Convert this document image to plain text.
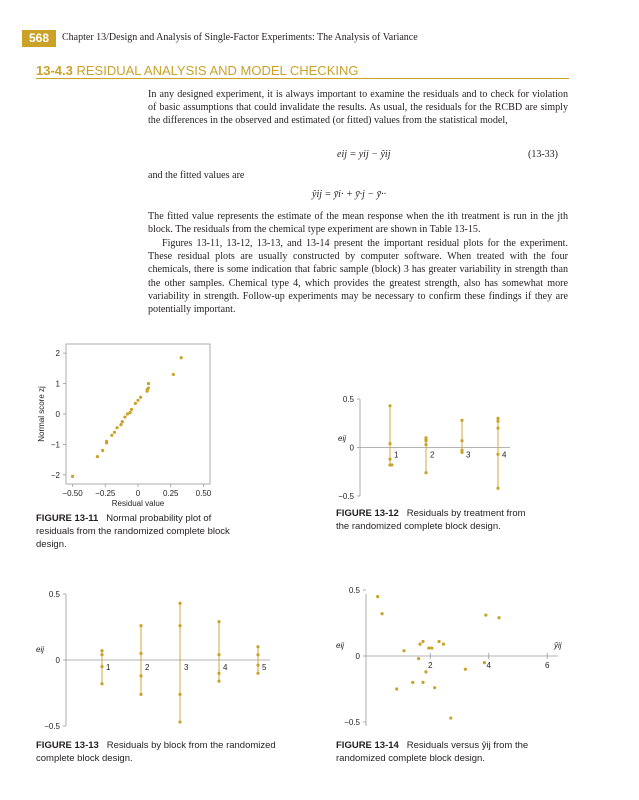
568	Chapter 13/Design and Analysis of Single-Factor Experiments: The Analysis of Variance
13-4.3 RESIDUAL ANALYSIS AND MODEL CHECKING
In any designed experiment, it is always important to examine the residuals and to check for violation of basic assumptions that could invalidate the results. As usual, the residuals for the RCBD are simply the differences in the observed and estimated (or fitted) values from the statistical model,
eij = yij − ŷij	(13-33)
and the fitted values are
ŷij = ȳi· + ȳ·j − ȳ··
The fitted value represents the estimate of the mean response when the ith treatment is run in the jth block. The residuals from the chemical type experiment are shown in Table 13-15.
Figures 13-11, 13-12, 13-13, and 13-14 present the important residual plots for the experiment. These residual plots are usually constructed by computer software. When treated with the four chemicals, there is some indication that fabric sample (block) 3 has greater variability in strength than the other samples. Chemical type 4, which provides the greatest strength, also has somewhat more variability in strength. Follow-up experiments may be necessary to confirm these findings if they are potentially important.
2
1
0
−1
−2
−0.50 −0.25	0	0.25 0.50
Normal score zj
Residual value
FIGURE 13-11 Normal probability plot of residuals from the randomized complete block design.
0.5
0
−0.5
1	2	3	4
eij
FIGURE 13-12 Residuals by treatment from the randomized complete block design.
0.5
0
−0.5
1	2	3	4	5
eij
FIGURE 13-13 Residuals by block from the randomized complete block design.
0.5
0
−0.5
2	4	6
eij	ŷij
FIGURE 13-14 Residuals versus ŷij from the randomized complete block design.
